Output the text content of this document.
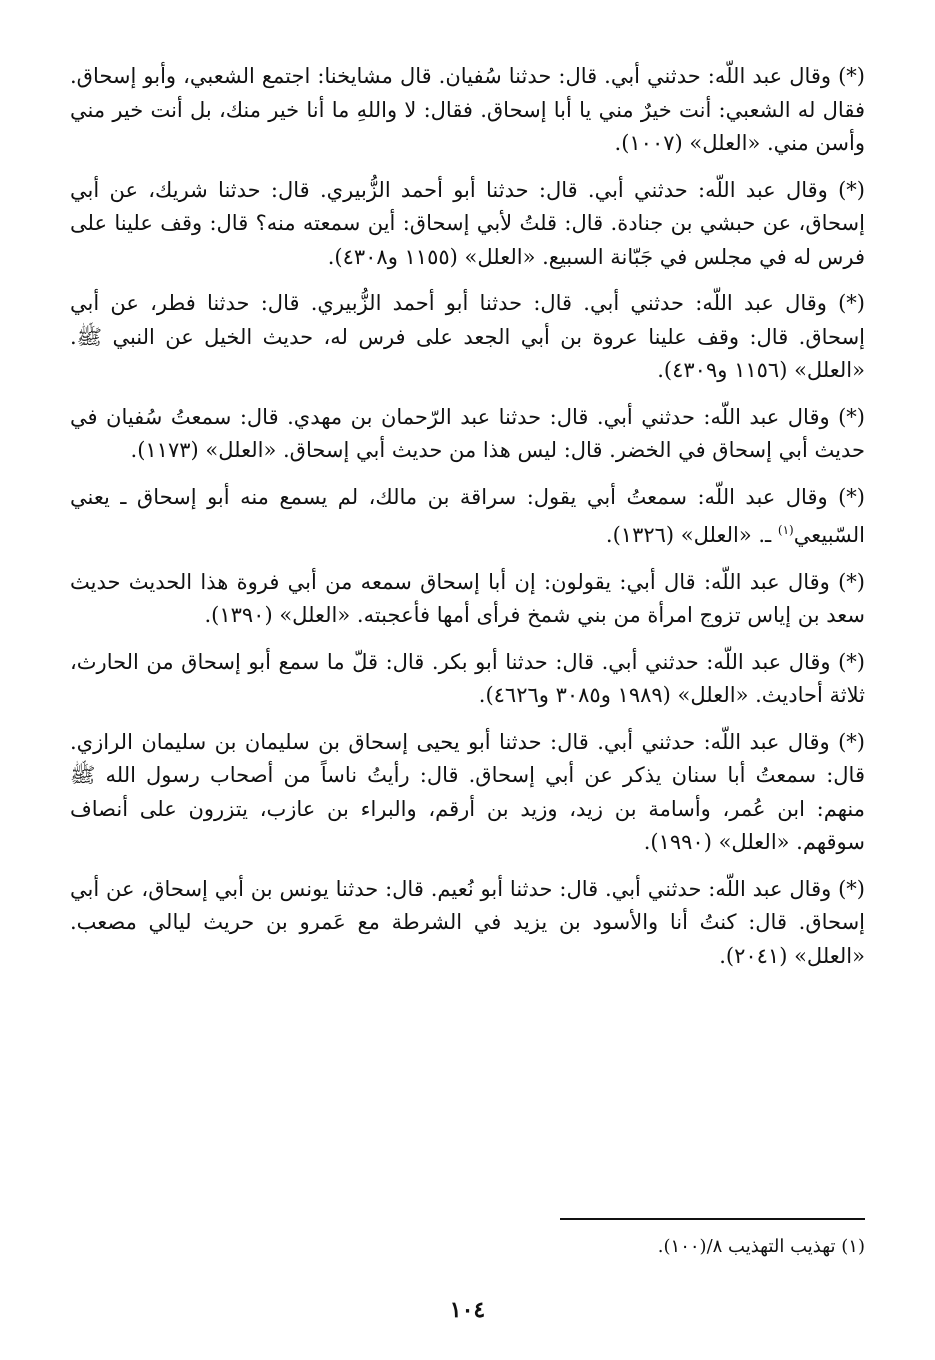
(*) وقال عبد اللّه: حدثني أبي. قال: حدثنا سُفيان. قال مشايخنا: اجتمع الشعبي، وأبو إسحاق. فقال له الشعبي: أنت خيرٌ مني يا أبا إسحاق. فقال: لا واللهِ ما أنا خير منك، بل أنت خير مني وأسن مني. «العلل» (١٠٠٧).

(*) وقال عبد اللّه: حدثني أبي. قال: حدثنا أبو أحمد الزُّبيري. قال: حدثنا شريك، عن أبي إسحاق، عن حبشي بن جنادة. قال: قلتُ لأبي إسحاق: أين سمعته منه؟ قال: وقف علينا على فرس له في مجلس في جَبّانة السبيع. «العلل» (١١٥٥ و٤٣٠٨).

(*) وقال عبد اللّه: حدثني أبي. قال: حدثنا أبو أحمد الزُّبيري. قال: حدثنا فطر، عن أبي إسحاق. قال: وقف علينا عروة بن أبي الجعد على فرس له، حديث الخيل عن النبي ﷺ. «العلل» (١١٥٦ و٤٣٠٩).

(*) وقال عبد اللّه: حدثني أبي. قال: حدثنا عبد الرّحمان بن مهدي. قال: سمعتُ سُفيان في حديث أبي إسحاق في الخضر. قال: ليس هذا من حديث أبي إسحاق. «العلل» (١١٧٣).

(*) وقال عبد اللّه: سمعتُ أبي يقول: سراقة بن مالك، لم يسمع منه أبو إسحاق ـ يعني السّبيعي$^{(١)}$ ـ. «العلل» (١٣٢٦).

(*) وقال عبد اللّه: قال أبي: يقولون: إن أبا إسحاق سمعه من أبي فروة هذا الحديث حديث سعد بن إياس تزوج امرأة من بني شمخ فرأى أمها فأعجبته. «العلل» (١٣٩٠).

(*) وقال عبد اللّه: حدثني أبي. قال: حدثنا أبو بكر. قال: قلّ ما سمع أبو إسحاق من الحارث، ثلاثة أحاديث. «العلل» (١٩٨٩ و٣٠٨٥ و٤٦٢٦).

(*) وقال عبد اللّه: حدثني أبي. قال: حدثنا أبو يحيى إسحاق بن سليمان بن سليمان الرازي. قال: سمعتُ أبا سنان يذكر عن أبي إسحاق. قال: رأيتُ ناساً من أصحاب رسول الله ﷺ منهم: ابن عُمر، وأسامة بن زيد، وزيد بن أرقم، والبراء بن عازب، يتزرون على أنصاف سوقهم. «العلل» (١٩٩٠).

(*) وقال عبد اللّه: حدثني أبي. قال: حدثنا أبو نُعيم. قال: حدثنا يونس بن أبي إسحاق، عن أبي إسحاق. قال: كنتُ أنا والأسود بن يزيد في الشرطة مع عَمرو بن حريث ليالي مصعب. «العلل» (٢٠٤١).

(١) تهذيب التهذيب ٨/(١٠٠).
١٠٤
